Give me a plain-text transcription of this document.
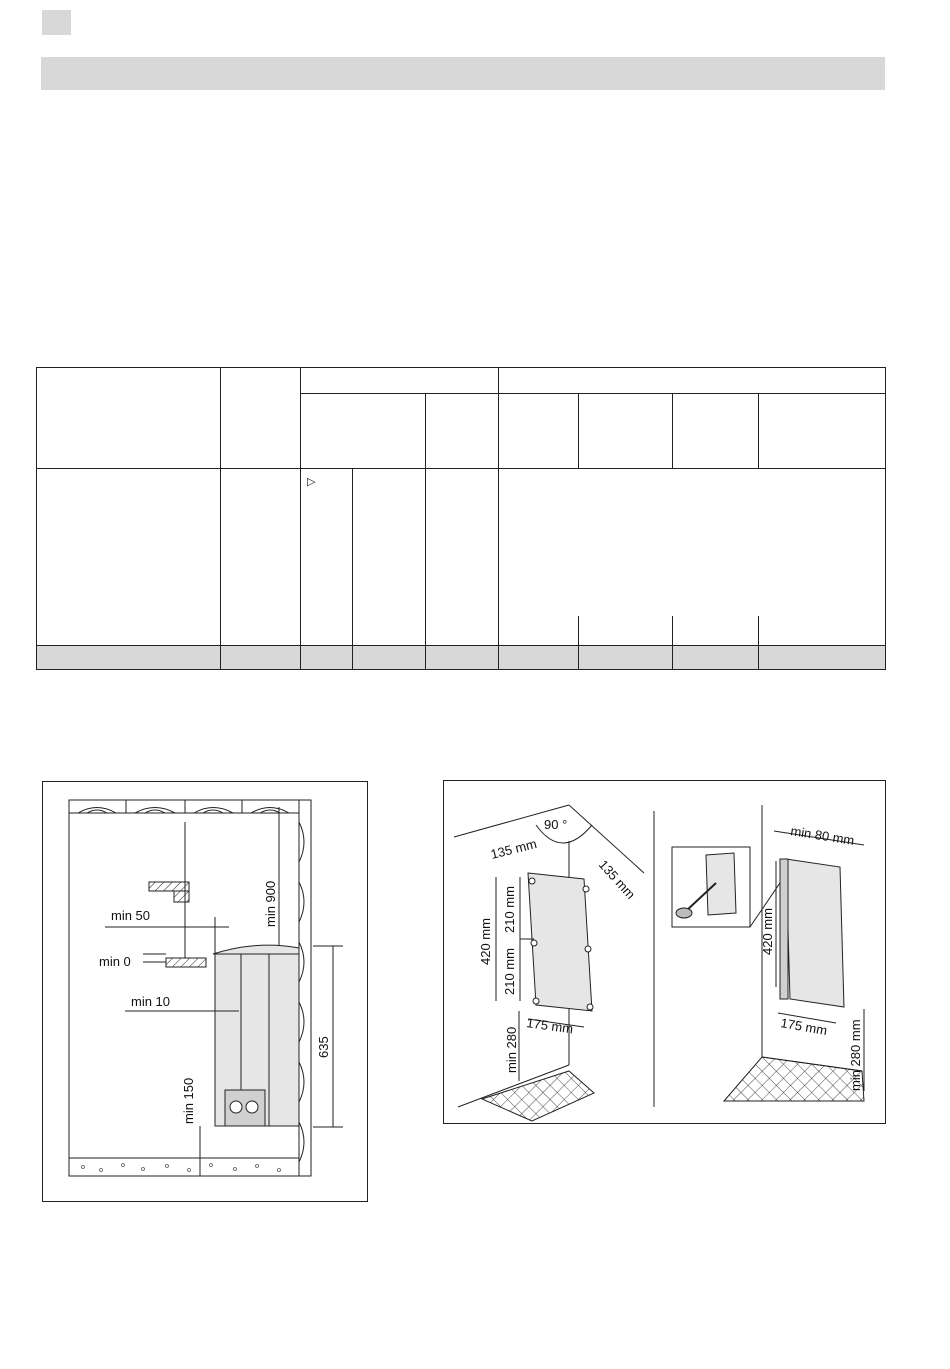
		▷						

min 50
min 0
min 10
min 900
635
min 150
90 °
135 mm
135 mm
420 mm
210 mm
210 mm
min 280
175 mm
min 80 mm
420 mm
175 mm min 280 mm
